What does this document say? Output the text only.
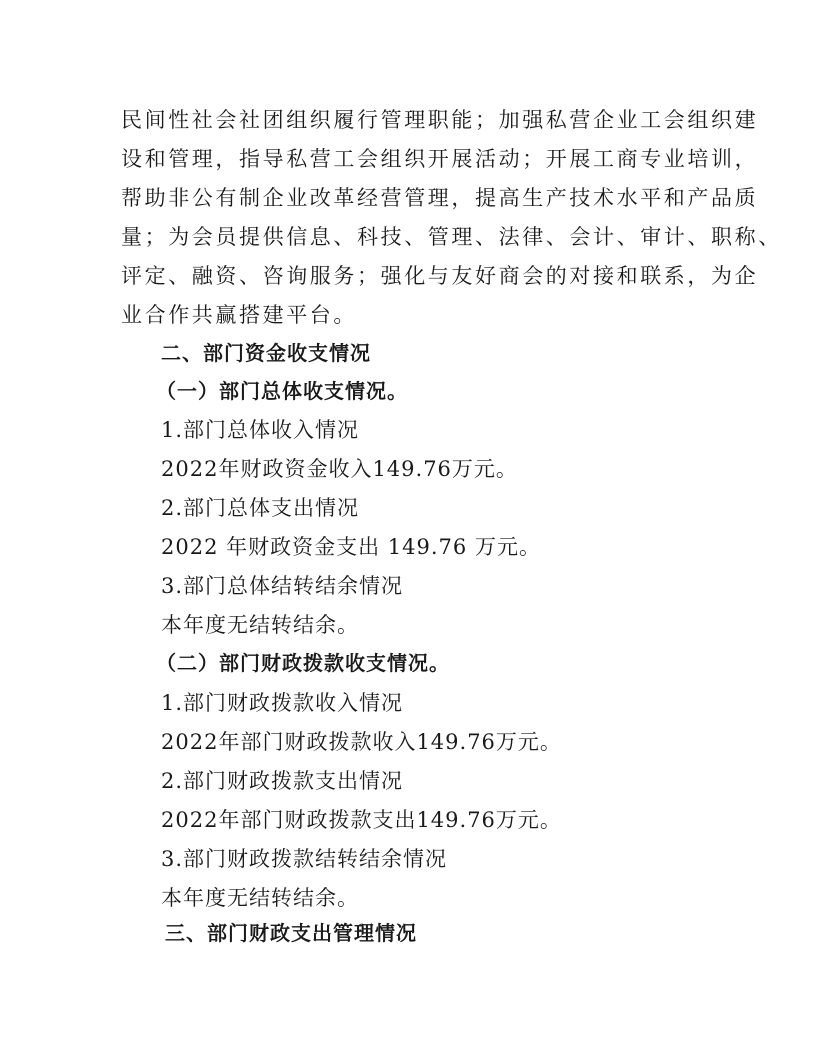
民间性社会社团组织履行管理职能；加强私营企业工会组织建

设和管理，指导私营工会组织开展活动；开展工商专业培训，

帮助非公有制企业改革经营管理，提高生产技术水平和产品质

量；为会员提供信息、科技、管理、法律、会计、审计、职称、

评定、融资、咨询服务；强化与友好商会的对接和联系，为企

业合作共赢搭建平台。

二、部门资金收支情况
（一）部门总体收支情况。

1.部门总体收入情况

2022年财政资金收入149.76万元。

2.部门总体支出情况

2022 年财政资金支出 149.76 万元。

3.部门总体结转结余情况

本年度无结转结余。

（二）部门财政拨款收支情况。

1.部门财政拨款收入情况

2022年部门财政拨款收入149.76万元。

2.部门财政拨款支出情况

2022年部门财政拨款支出149.76万元。

3.部门财政拨款结转结余情况

本年度无结转结余。

三、部门财政支出管理情况
